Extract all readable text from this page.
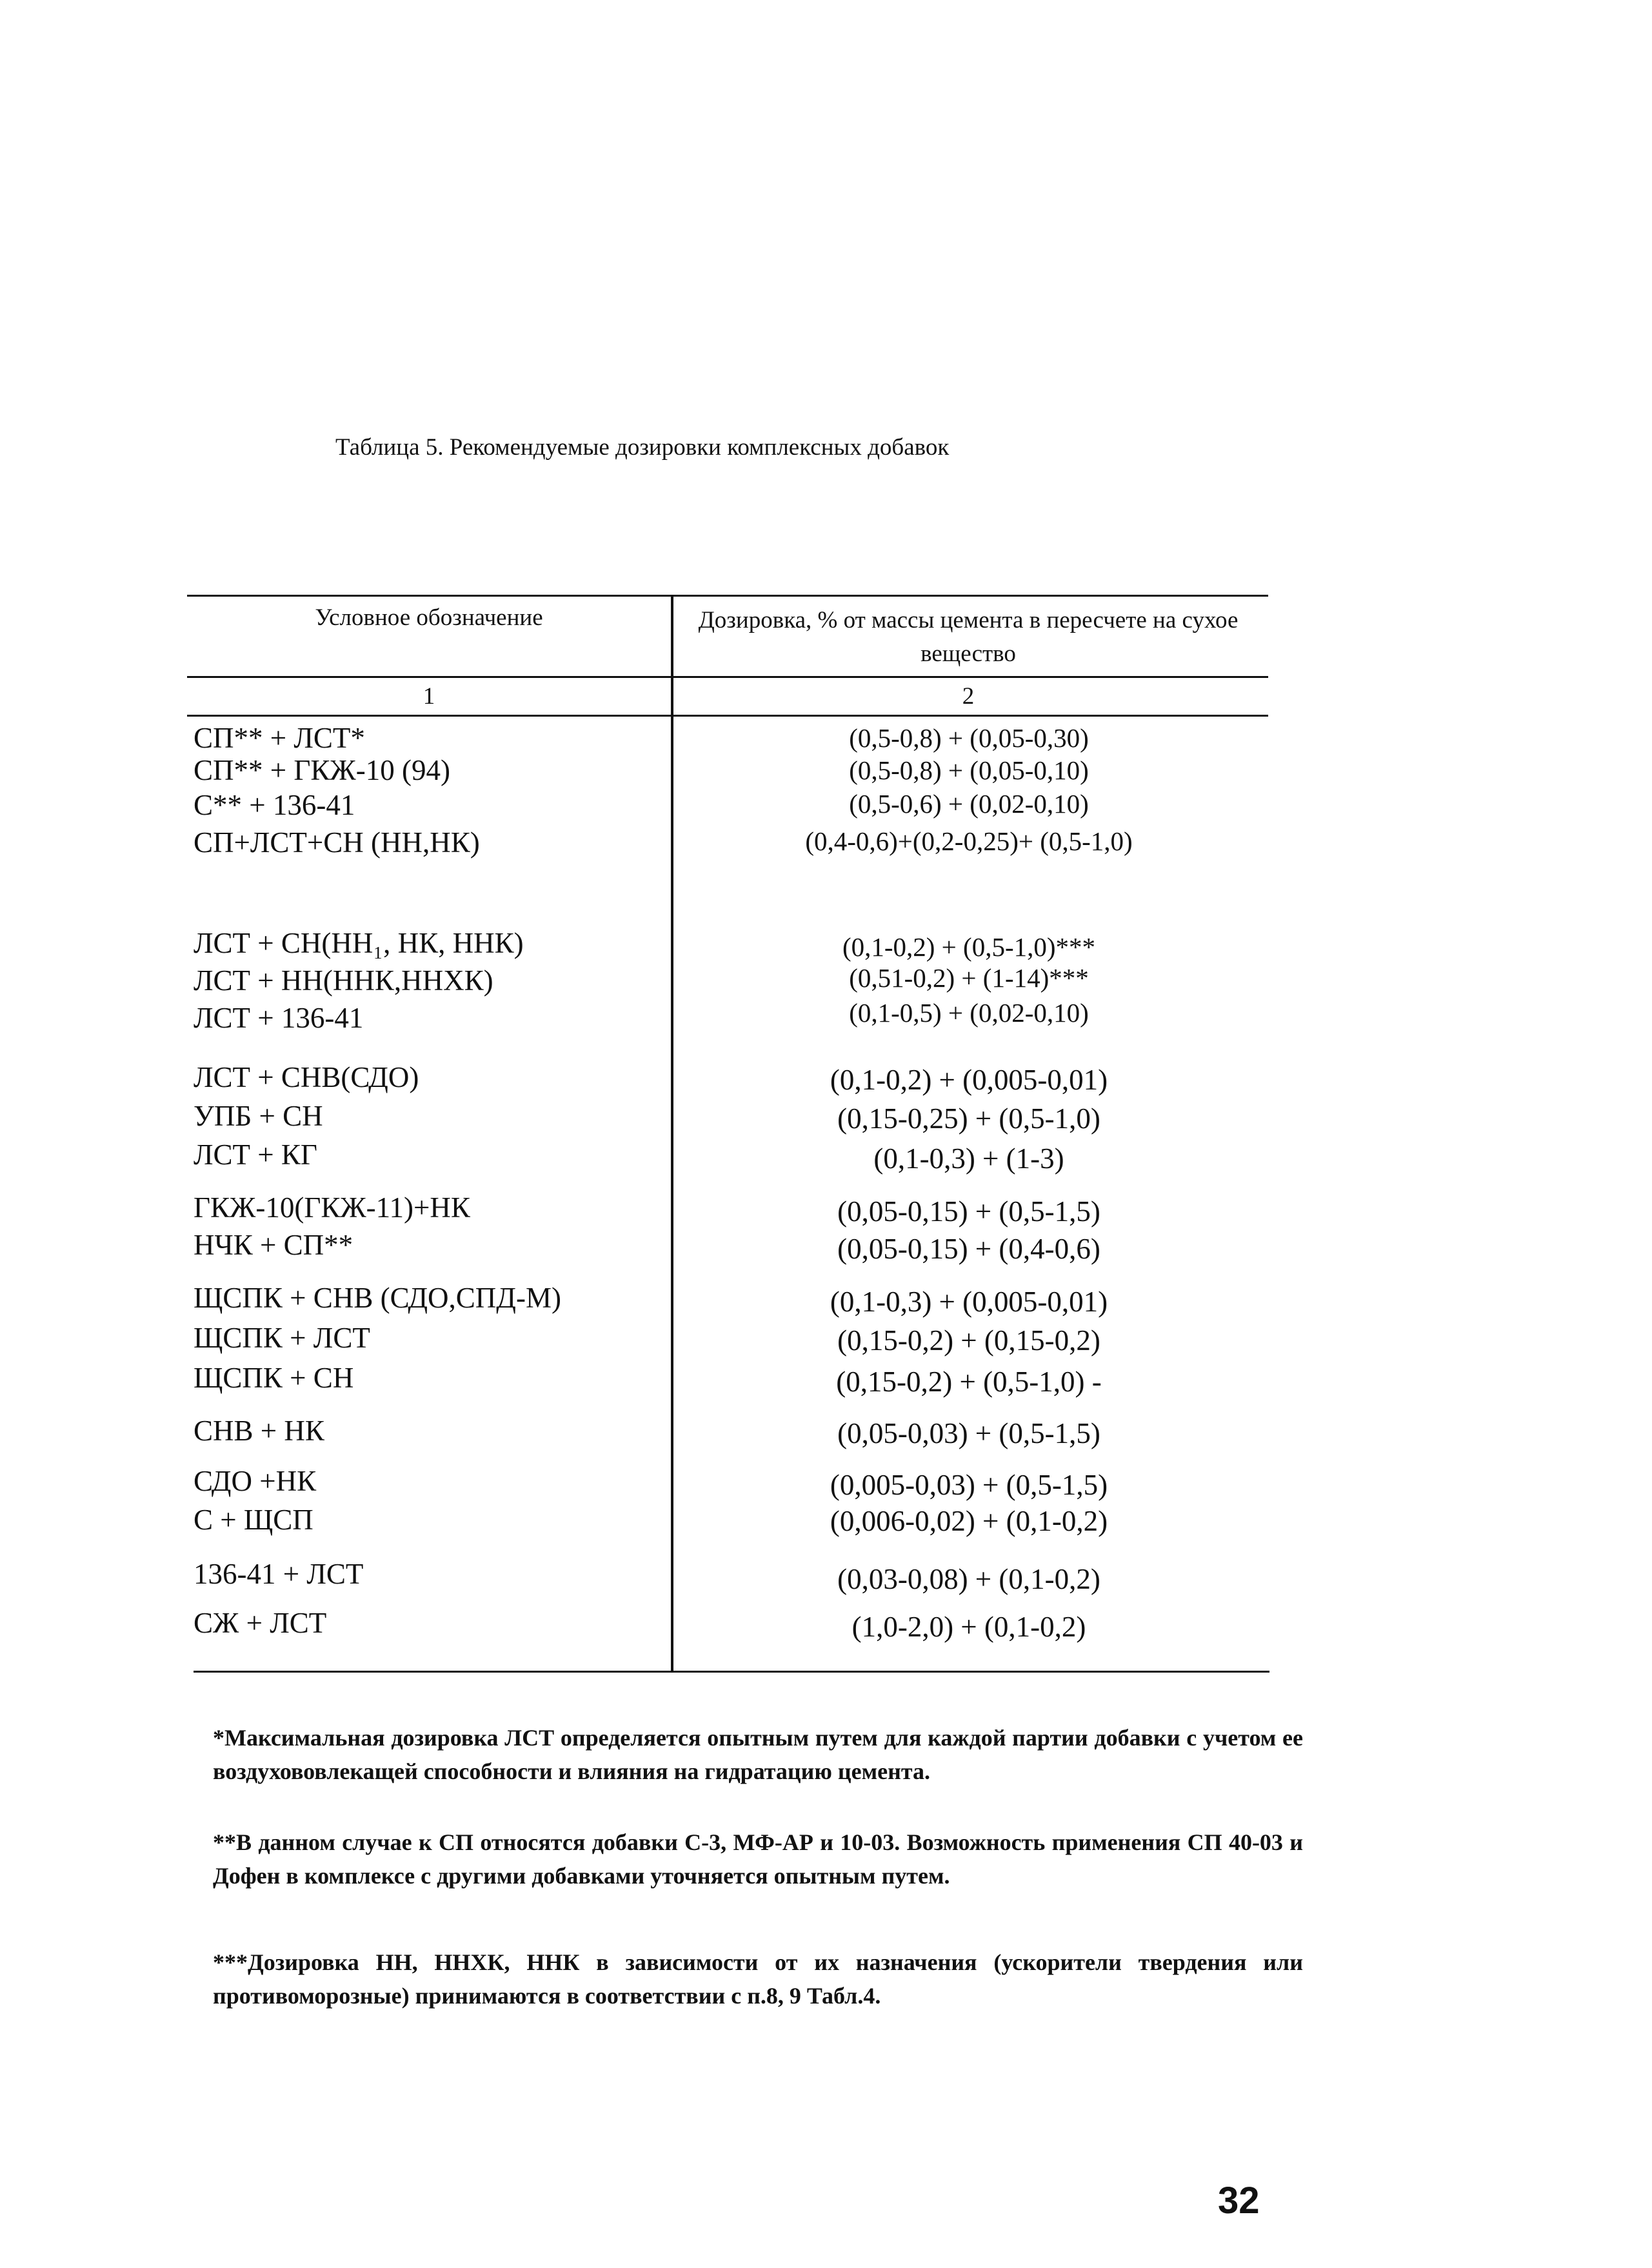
Таблица 5. Рекомендуемые дозировки комплексных добавок
Условное обозначение	Дозировка, % от массы цемента в пересчете на сухое вещество
1	2
СП** + ЛСТ*	(0,5-0,8) + (0,05-0,30)
СП** + ГКЖ-10 (94)	(0,5-0,8) + (0,05-0,10)
С** + 136-41	(0,5-0,6) + (0,02-0,10)
СП+ЛСТ+СН (НН,НК)	(0,4-0,6)+(0,2-0,25)+ (0,5-1,0)
ЛСТ + СН(НН₁, НК, ННК)	(0,1-0,2) + (0,5-1,0)***
ЛСТ + НН(ННК,ННХК)	(0,51-0,2) + (1-14)***
ЛСТ + 136-41	(0,1-0,5) + (0,02-0,10)
ЛСТ + СНВ(СДО)	(0,1-0,2) + (0,005-0,01)
УПБ + СН	(0,15-0,25) + (0,5-1,0)
ЛСТ + КГ	(0,1-0,3) + (1-3)
ГКЖ-10(ГКЖ-11)+НК	(0,05-0,15) + (0,5-1,5)
НЧК + СП**	(0,05-0,15) + (0,4-0,6)
ЩСПК + СНВ (СДО,СПД-М)	(0,1-0,3) + (0,005-0,01)
ЩСПК + ЛСТ	(0,15-0,2) + (0,15-0,2)
ЩСПК + СН	(0,15-0,2) + (0,5-1,0) -
СНВ + НК	(0,05-0,03) + (0,5-1,5)
СДО +НК	(0,005-0,03) + (0,5-1,5)
С + ЩСП	(0,006-0,02) + (0,1-0,2)
136-41 + ЛСТ	(0,03-0,08) + (0,1-0,2)
СЖ + ЛСТ	(1,0-2,0) + (0,1-0,2)
*Максимальная дозировка ЛСТ определяется опытным путем для каждой партии добавки с учетом ее воздухововлекащей способности и влияния на гидратацию цемента.
**В данном случае к СП относятся добавки С-3, МФ-АР и 10-03. Возможность применения СП 40-03 и Дофен в комплексе с другими добавками уточняется опытным путем.
***Дозировка НН, ННХК, ННК в зависимости от их назначения (ускорители твердения или противоморозные) принимаются в соответствии с п.8, 9 Табл.4.
32
